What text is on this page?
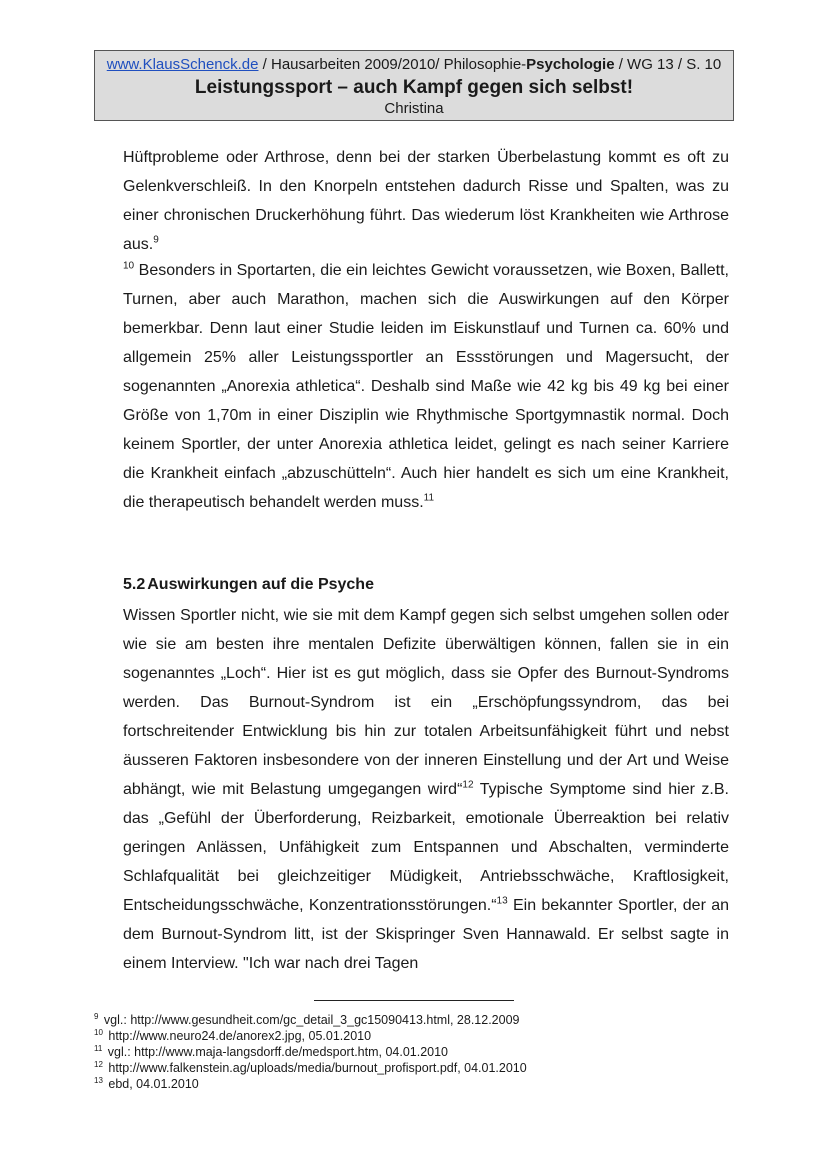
www.KlausSchenck.de / Hausarbeiten 2009/2010/ Philosophie-Psychologie / WG 13 / S. 10
Leistungssport – auch Kampf gegen sich selbst!
Christina

Hüftprobleme oder Arthrose, denn bei der starken Überbelastung kommt es oft zu Gelenkverschleiß. In den Knorpeln entstehen dadurch Risse und Spalten, was zu einer chronischen Druckerhöhung führt. Das wiederum löst Krankheiten wie Arthrose aus.$^9$

$^{10}$ Besonders in Sportarten, die ein leichtes Gewicht voraussetzen, wie Boxen, Ballett, Turnen, aber auch Marathon, machen sich die Auswirkungen auf den Körper bemerkbar. Denn laut einer Studie leiden im Eiskunstlauf und Turnen ca. 60% und allgemein 25% aller Leistungssportler an Essstörungen und Magersucht, der sogenannten „Anorexia athletica“. Deshalb sind Maße wie 42 kg bis 49 kg bei einer Größe von 1,70m in einer Disziplin wie Rhythmische Sportgymnastik normal. Doch keinem Sportler, der unter Anorexia athletica leidet, gelingt es nach seiner Karriere die Krankheit einfach „abzuschütteln“. Auch hier handelt es sich um eine Krankheit, die therapeutisch behandelt werden muss.$^{11}$

5.2 Auswirkungen auf die Psyche

Wissen Sportler nicht, wie sie mit dem Kampf gegen sich selbst umgehen sollen oder wie sie am besten ihre mentalen Defizite überwältigen können, fallen sie in ein sogenanntes „Loch“. Hier ist es gut möglich, dass sie Opfer des Burnout-Syndroms werden. Das Burnout-Syndrom ist ein „Erschöpfungssyndrom, das bei fortschreitender Entwicklung bis hin zur totalen Arbeitsunfähigkeit führt und nebst äusseren Faktoren insbesondere von der inneren Einstellung und der Art und Weise abhängt, wie mit Belastung umgegangen wird“$^{12}$ Typische Symptome sind hier z.B. das „Gefühl der Überforderung, Reizbarkeit, emotionale Überreaktion bei relativ geringen Anlässen, Unfähigkeit zum Entspannen und Abschalten, verminderte Schlafqualität bei gleichzeitiger Müdigkeit, Antriebsschwäche, Kraftlosigkeit, Entscheidungsschwäche, Konzentrationsstörungen.“$^{13}$ Ein bekannter Sportler, der an dem Burnout-Syndrom litt, ist der Skispringer Sven Hannawald. Er selbst sagte in einem Interview. "Ich war nach drei Tagen

$^9$ vgl.: http://www.gesundheit.com/gc_detail_3_gc15090413.html, 28.12.2009
$^{10}$ http://www.neuro24.de/anorex2.jpg, 05.01.2010
$^{11}$ vgl.: http://www.maja-langsdorff.de/medsport.htm, 04.01.2010
$^{12}$ http://www.falkenstein.ag/uploads/media/burnout_profisport.pdf, 04.01.2010
$^{13}$ ebd, 04.01.2010
